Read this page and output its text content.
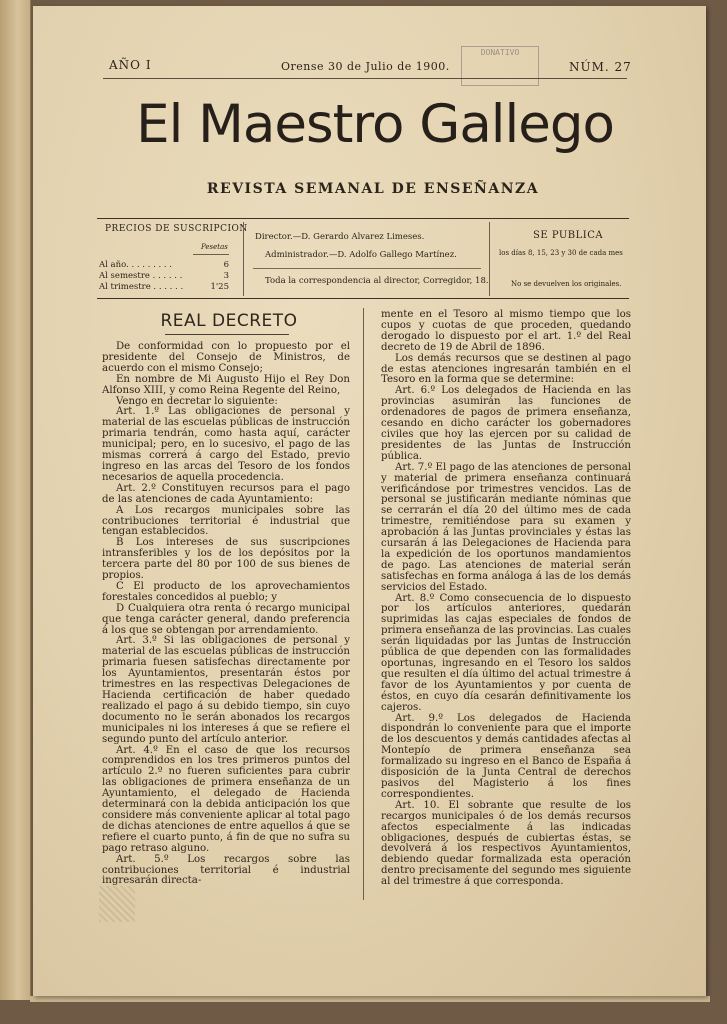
AÑO I	Orense 30 de Julio de 1900.	NÚM. 27
DONATIVO
El Maestro Gallego
REVISTA SEMANAL DE ENSEÑANZA
PRECIOS DE SUSCRIPCION
Pesetas
Al año. . . . . . . . .	6
Al semestre . . . . . .	3
Al trimestre . . . . . .	1'25
Director.—D. Gerardo Alvarez Limeses.
Administrador.—D. Adolfo Gallego Martínez.
Toda la correspondencia al director, Corregidor, 18.
SE PUBLICA
los días 8, 15, 23 y 30 de cada mes
No se devuelven los originales.
REAL DECRETO

De conformidad con lo propuesto por el presidente del Consejo de Ministros, de acuerdo con el mismo Consejo;

En nombre de Mi Augusto Hijo el Rey Don Alfonso XIII, y como Reina Regente del Reino,

Vengo en decretar lo siguiente:

Art. 1.º Las obligaciones de personal y material de las escuelas públicas de instrucción primaria tendrán, como hasta aquí, carácter municipal; pero, en lo sucesivo, el pago de las mismas correrá á cargo del Estado, previo ingreso en las arcas del Tesoro de los fondos necesarios de aquella procedencia.

Art. 2.º Constituyen recursos para el pago de las atenciones de cada Ayuntamiento:

A Los recargos municipales sobre las contribuciones territorial é industrial que tengan establecidos.

B Los intereses de sus suscripciones intransferibles y los de los depósitos por la tercera parte del 80 por 100 de sus bienes de propios.

C El producto de los aprovechamientos forestales concedidos al pueblo; y

D Cualquiera otra renta ó recargo municipal que tenga carácter general, dando preferencia á los que se obtengan por arrendamiento.

Art. 3.º Si las obligaciones de personal y material de las escuelas públicas de instrucción primaria fuesen satisfechas directamente por los Ayuntamientos, presentarán éstos por trimestres en las respectivas Delegaciones de Hacienda certificación de haber quedado realizado el pago á su debido tiempo, sin cuyo documento no le serán abonados los recargos municipales ni los intereses á que se refiere el segundo punto del artículo anterior.

Art. 4.º En el caso de que los recursos comprendidos en los tres primeros puntos del artículo 2.º no fueren suficientes para cubrir las obligaciones de primera enseñanza de un Ayuntamiento, el delegado de Hacienda determinará con la debida anticipación los que considere más conveniente aplicar al total pago de dichas atenciones de entre aquellos á que se refiere el cuarto punto, á fin de que no sufra su pago retraso alguno.

Art. 5.º Los recargos sobre las contribuciones territorial é industrial ingresarán directa-

mente en el Tesoro al mismo tiempo que los cupos y cuotas de que proceden, quedando derogado lo dispuesto por el art. 1.º del Real decreto de 19 de Abril de 1896.

Los demás recursos que se destinen al pago de estas atenciones ingresarán también en el Tesoro en la forma que se determine:

Art. 6.º Los delegados de Hacienda en las provincias asumirán las funciones de ordenadores de pagos de primera enseñanza, cesando en dicho carácter los gobernadores civiles que hoy las ejercen por su calidad de presidentes de las Juntas de Instrucción pública.

Art. 7.º El pago de las atenciones de personal y material de primera enseñanza continuará verificándose por trimestres vencidos. Las de personal se justificarán mediante nóminas que se cerrarán el día 20 del último mes de cada trimestre, remitiéndose para su examen y aprobación á las Juntas provinciales y éstas las cursarán á las Delegaciones de Hacienda para la expedición de los oportunos mandamientos de pago. Las atenciones de material serán satisfechas en forma análoga á las de los demás servicios del Estado.

Art. 8.º Como consecuencia de lo dispuesto por los artículos anteriores, quedarán suprimidas las cajas especiales de fondos de primera enseñanza de las provincias. Las cuales serán liquidadas por las Juntas de Instrucción pública de que dependen con las formalidades oportunas, ingresando en el Tesoro los saldos que resulten el día último del actual trimestre á favor de los Ayuntamientos y por cuenta de éstos, en cuyo día cesarán definitivamente los cajeros.

Art. 9.º Los delegados de Hacienda dispondrán lo conveniente para que el importe de los descuentos y demás cantidades afectas al Montepío de primera enseñanza sea formalizado su ingreso en el Banco de España á disposición de la Junta Central de derechos pasivos del Magisterio á los fines correspondientes.

Art. 10. El sobrante que resulte de los recargos municipales ó de los demás recursos afectos especialmente á las indicadas obligaciones, después de cubiertas éstas, se devolverá á los respectivos Ayuntamientos, debiendo quedar formalizada esta operación dentro precisamente del segundo mes siguiente al del trimestre á que corresponda.
